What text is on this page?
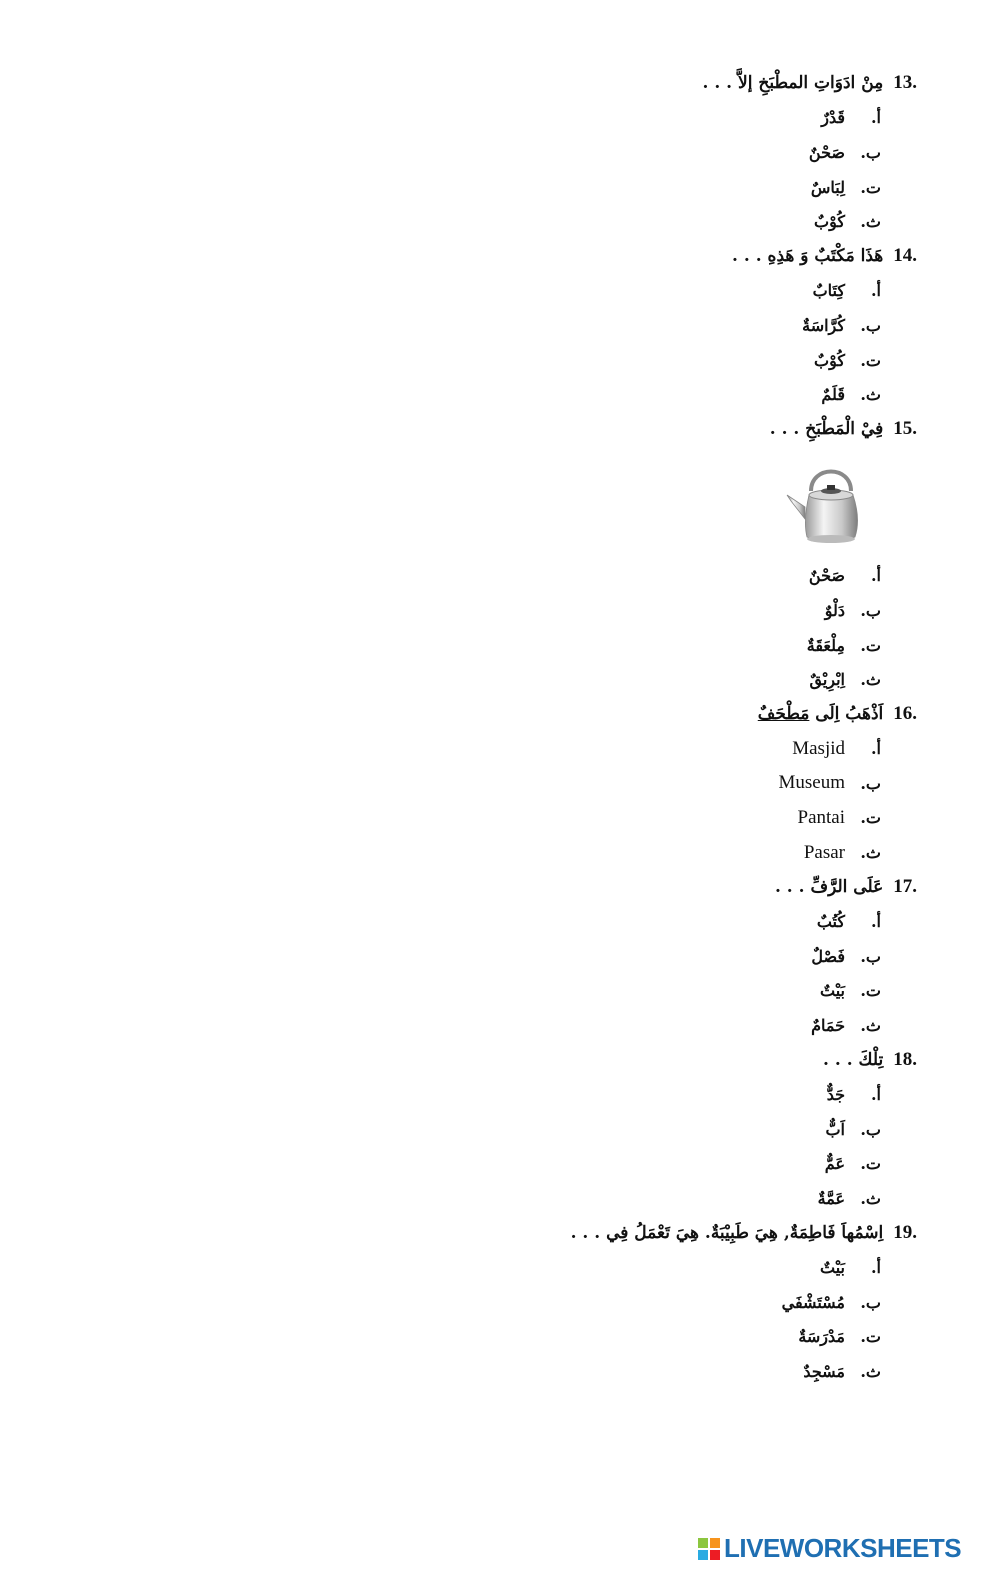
13.
مِنْ ادَوَاتِ المطْبَخِ إلاَّ . . .
أ.
قَدْرٌ
ب.
صَحْنٌ
ت.
لِبَاسٌ
ث.
كُوْبٌ
14.
هَذَا مَكْتَبٌ وَ هَذِهِ . . .
أ.
كِتَابٌ
ب.
كُرَّاسَةٌ
ت.
كُوْبٌ
ث.
قَلَمٌ
15.
فِيْ الْمَطْبَخِ . . .
أ.
صَحْنٌ
ب.
دَلْوٌ
ت.
مِلْعَقَةٌ
ث.
اِبْرِيْقٌ
16.
اَذْهَبُ اِلَى مَطْحَفٌ
أ.
Masjid
ب.
Museum
ت.
Pantai
ث.
Pasar
17.
عَلَى الرَّفِّ . . .
أ.
كُتُبٌ
ب.
فَصْلٌ
ت.
بَيْتٌ
ث.
حَمَامٌ
18.
تِلْكَ . . .
أ.
جَدٌّ
ب.
اَبٌّ
ت.
عَمٌّ
ث.
عَمَّةٌ
19.
اِسْمُهاَ فَاطِمَةٌ, هِيَ طَبِيْبَةٌ. هِيَ تَعْمَلُ فِي . . .
أ.
بَيْتٌ
ب.
مُسْتَشْفَي
ت.
مَدْرَسَةٌ
ث.
مَسْجِدٌ
LIVEWORKSHEETS
